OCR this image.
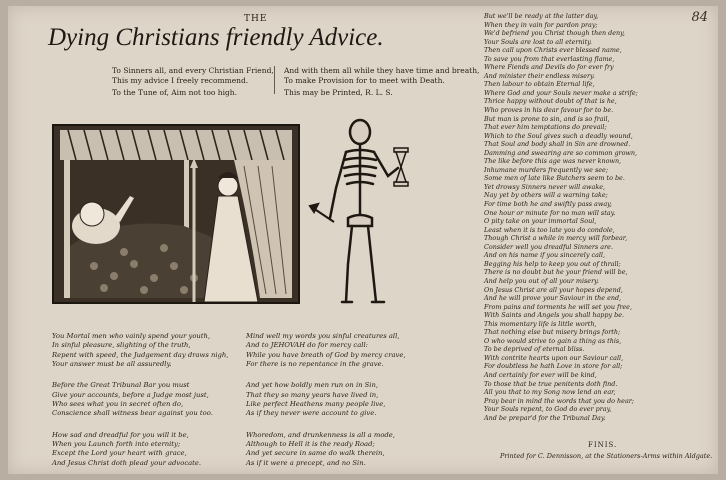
84
THE
Dying Christians friendly Advice.
To Sinners all, and every Christian Friend,
This my advice I freely recommend.
To the Tune of, Aim not too high.
And with them all while they have time and breath,
To make Provision for to meet with Death.
This may be Printed, R. L. S.

You Mortal men who vainly spend your youth,

In sinful pleasure, slighting of the truth,

Repent with speed, the Judgement day draws nigh,

Your answer must be all assuredly.

Before the Great Tribunal Bar you must

Give your accounts, before a Judge most just,

Who sees what you in secret often do,

Conscience shall witness bear against you too.

How sad and dreadful for you will it be,

When you Launch forth into eternity;

Except the Lord your heart with grace,

And Jesus Christ doth plead your advocate.

Mind well my words you sinful creatures all,

And to JEHOVAH do for mercy call:

While you have breath of God by mercy crave,

For there is no repentance in the grave.

And yet how boldly men run on in Sin,

That they so many years have lived in,

Like perfect Heathens many people live,

As if they never were account to give.

Whoredom, and drunkenness is all a mode,

Although to Hell it is the ready Road;

And yet secure in same do walk therein,

As if it were a precept, and no Sin.

But we'll be ready at the latter day,

When they in vain for pardon pray;

We'd befriend you Christ though then deny,

Your Souls are lost to all eternity.

Then call upon Christs ever blessed name,

To save you from that everlasting flame,

Where Fiends and Devils do for ever fry

And minister their endless misery.

Then labour to obtain Eternal life,

Where God and your Souls never make a strife;

Thrice happy without doubt of that is he,

Who proves in his dear favour for to be.

But man is prone to sin, and is so frail,

That ever him temptations do prevail;

Which to the Soul gives such a deadly wound,

That Soul and body shall in Sin are drowned.

Damming and swearing are so common grown,

The like before this age was never known,

Inhumane murders frequently we see;

Some men of late like Butchers seem to be.

Yet drowsy Sinners never will awake,

Nay yet by others will a warning take;

For time both he and swiftly pass away,

One hour or minute for no man will stay.

O pity take on your immortal Soul,

Least when it is too late you do condole,

Though Christ a while in mercy will forbear,

Consider well you dreadful Sinners are.

And on his name if you sincerely call,

Begging his help to keep you out of thrall;

There is no doubt but he your friend will be,

And help you out of all your misery.

On Jesus Christ are all your hopes depend,

And he will prove your Saviour in the end,

From pains and torments he will set you free,

With Saints and Angels you shall happy be.

This momentary life is little worth,

That nothing else but misery brings forth;

O who would strive to gain a thing as this,

To be deprived of eternal bliss.

With contrite hearts upon our Saviour call,

For doubtless he hath Love in store for all;

And certainly for ever will be kind,

To those that be true penitents doth find.

All you that to my Song now lend an ear,

Pray bear in mind the words that you do hear;

Your Souls repent, to God do ever pray,

And be prepar'd for the Tribunal Day.

FINIS.
Printed for C. Dennisson, at the Stationers-Arms within Aldgate.
